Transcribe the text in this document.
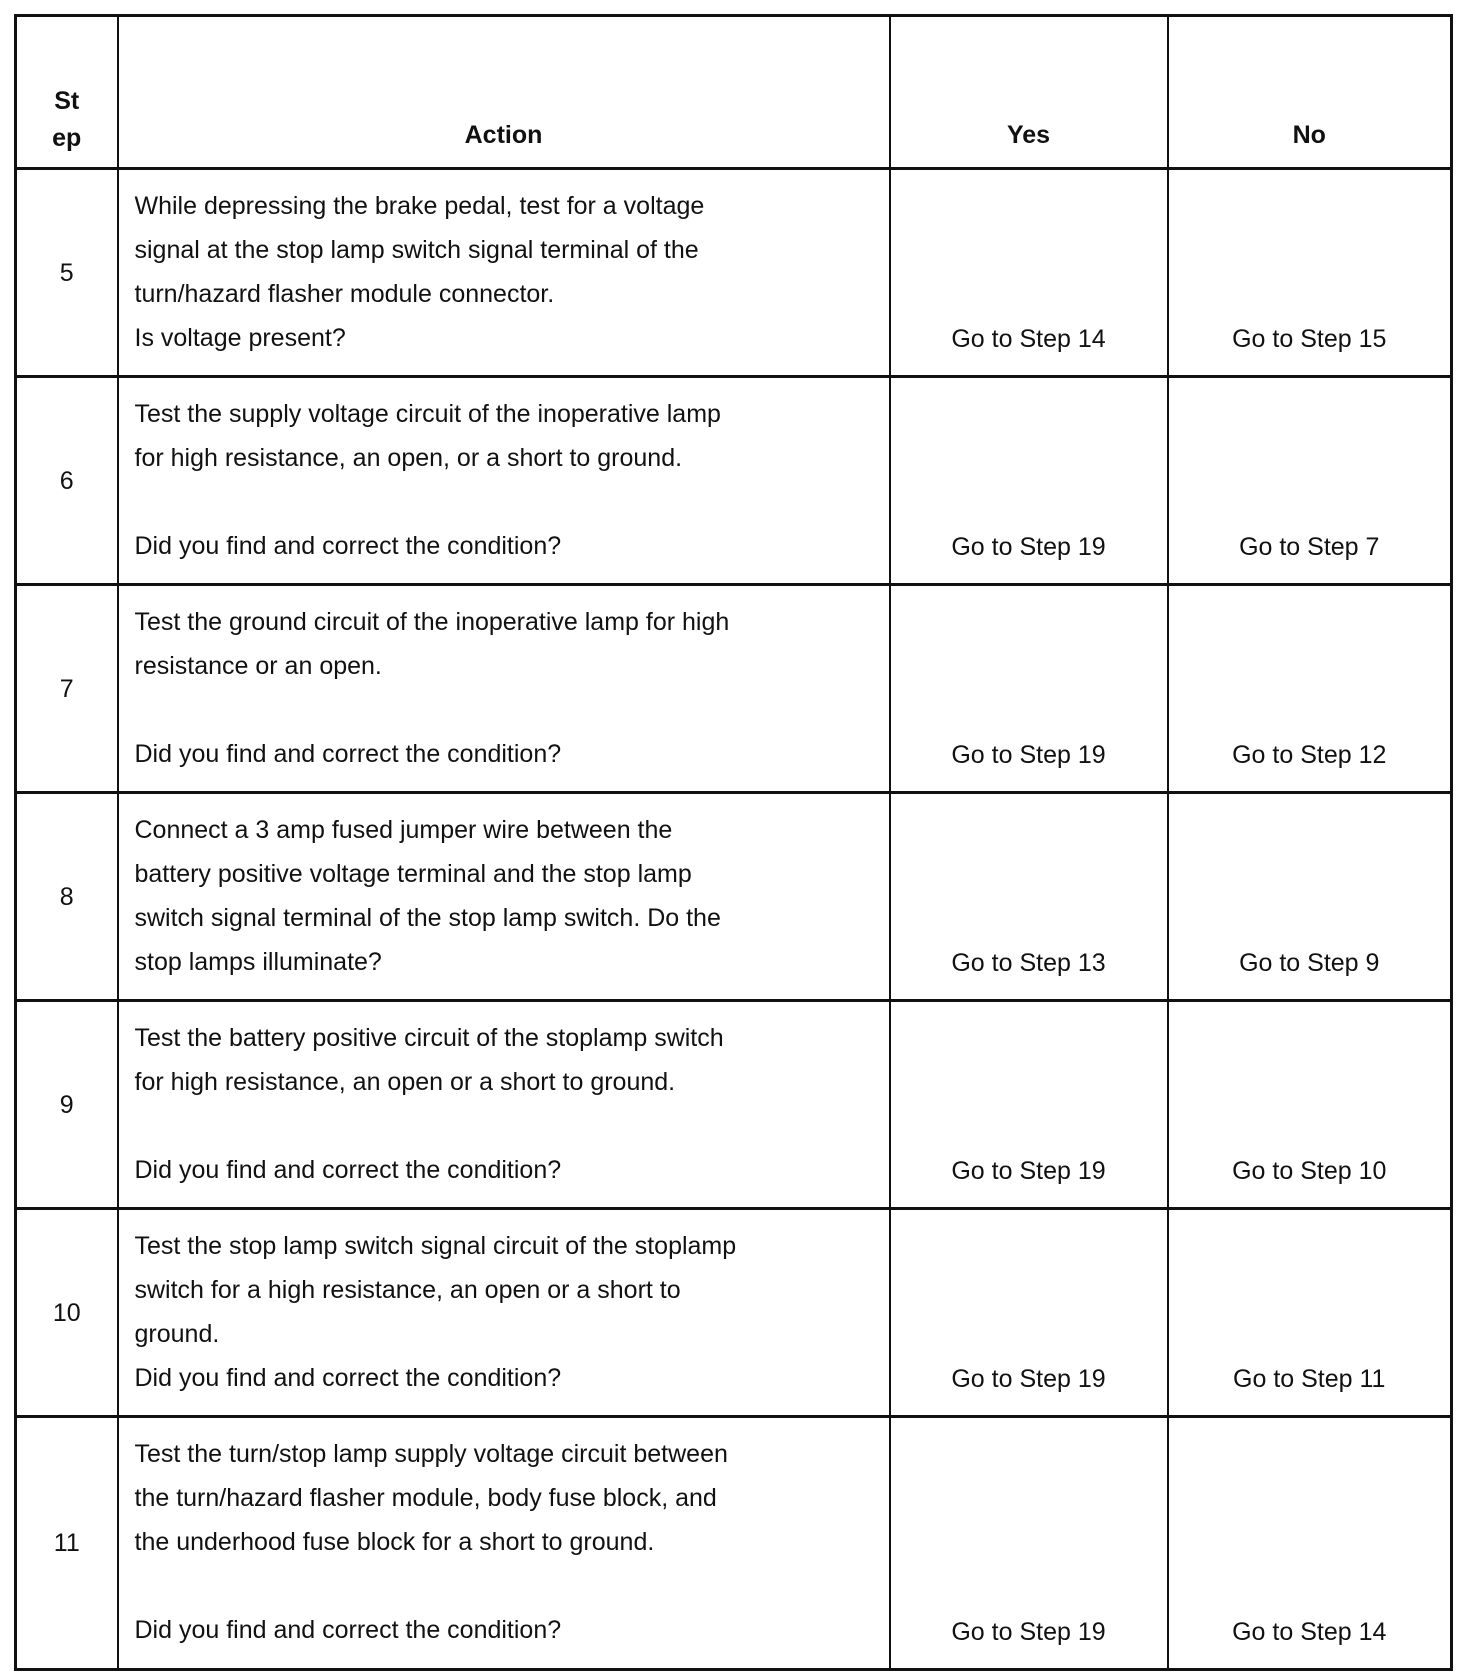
St
ep	Action	Yes	No
5	While depressing the brake pedal, test for a voltage
signal at the stop lamp switch signal terminal of the
turn/hazard flasher module connector.
Is voltage present?	Go to Step 14	Go to Step 15
6	Test the supply voltage circuit of the inoperative lamp
for high resistance, an open, or a short to ground.
Did you find and correct the condition?	Go to Step 19	Go to Step 7
7	Test the ground circuit of the inoperative lamp for high
resistance or an open.
Did you find and correct the condition?	Go to Step 19	Go to Step 12
8	Connect a 3 amp fused jumper wire between the
battery positive voltage terminal and the stop lamp
switch signal terminal of the stop lamp switch. Do the
stop lamps illuminate?	Go to Step 13	Go to Step 9
9	Test the battery positive circuit of the stoplamp switch
for high resistance, an open or a short to ground.
Did you find and correct the condition?	Go to Step 19	Go to Step 10
10	Test the stop lamp switch signal circuit of the stoplamp
switch for a high resistance, an open or a short to
ground.
Did you find and correct the condition?	Go to Step 19	Go to Step 11
11	Test the turn/stop lamp supply voltage circuit between
the turn/hazard flasher module, body fuse block, and
the underhood fuse block for a short to ground.
Did you find and correct the condition?	Go to Step 19	Go to Step 14
